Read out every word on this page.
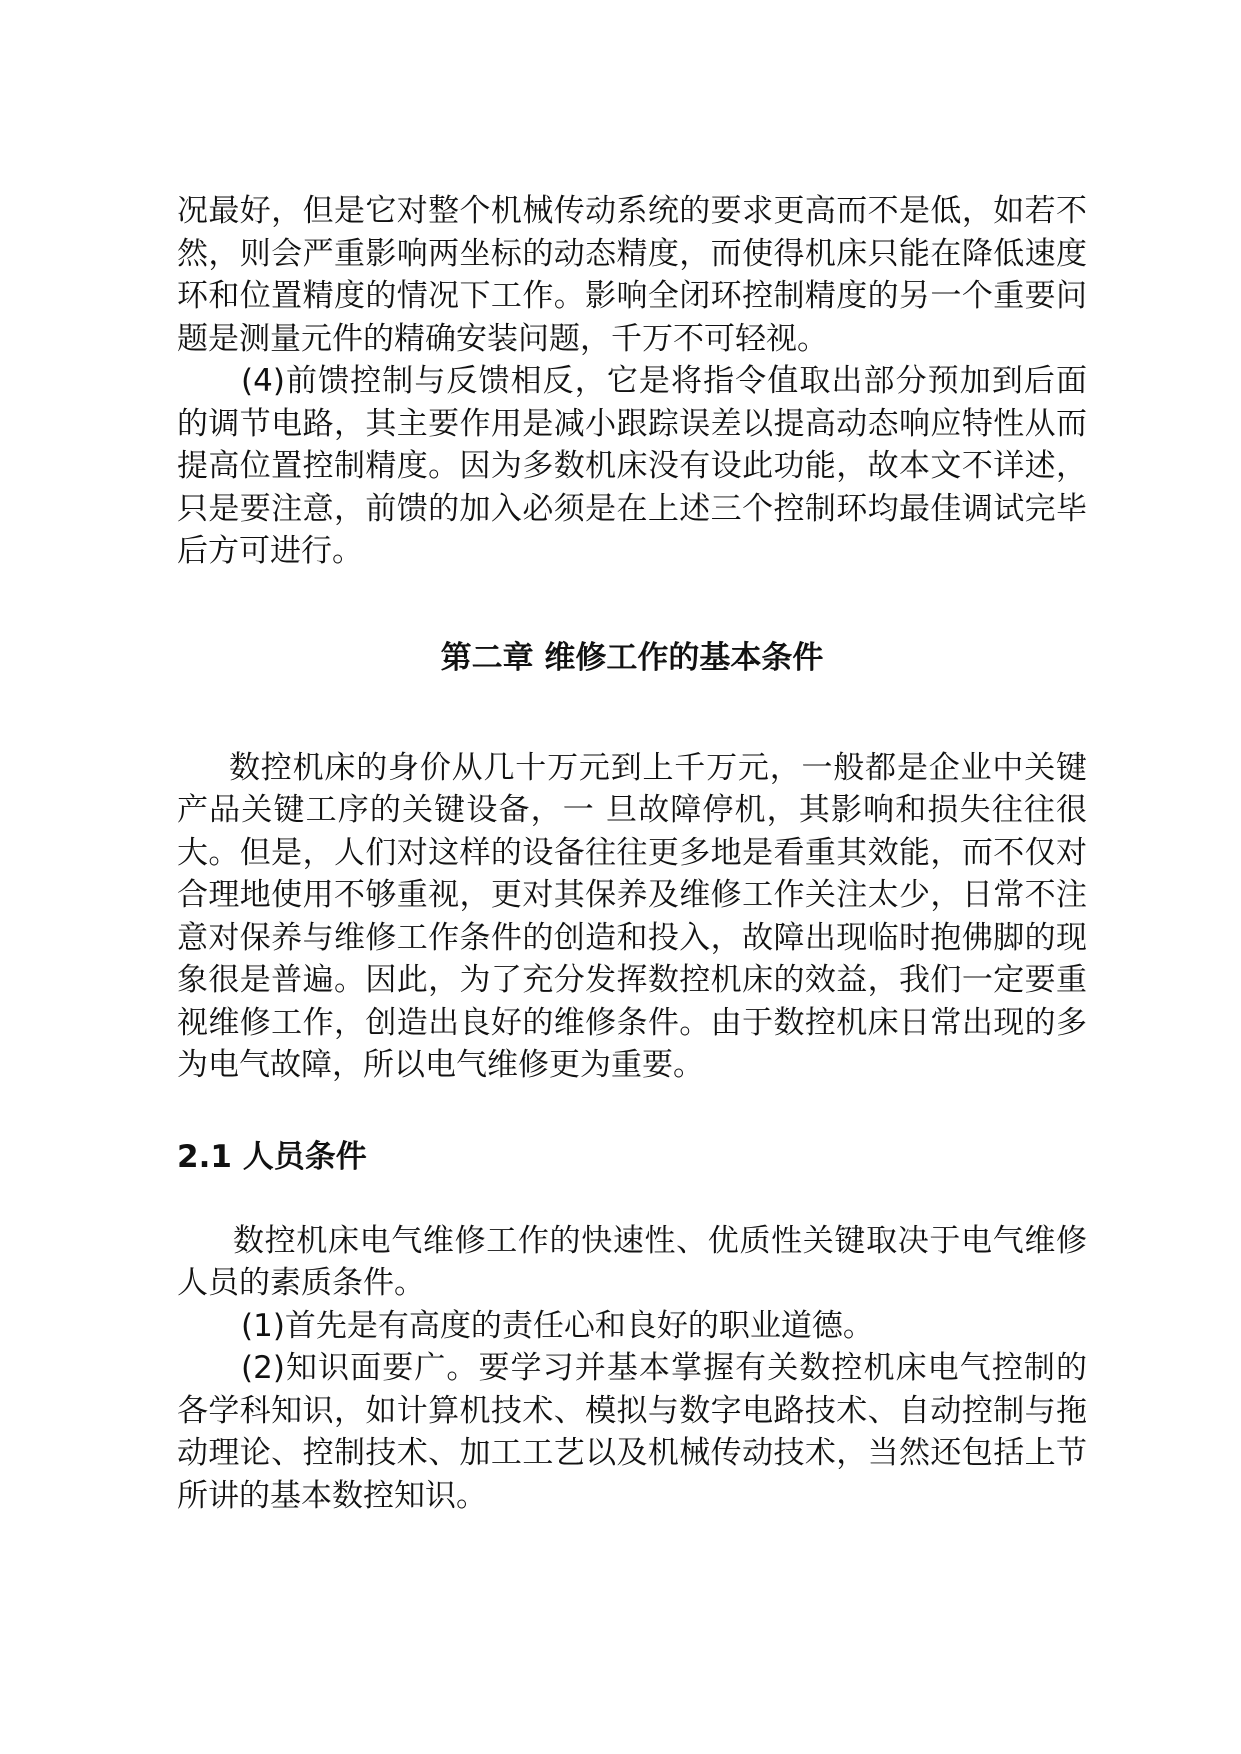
况最好，但是它对整个机械传动系统的要求更高而不是低，如若不然，则会严重影响两坐标的动态精度，而使得机床只能在降低速度环和位置精度的情况下工作。影响全闭环控制精度的另一个重要问题是测量元件的精确安装问题，千万不可轻视。

(4)前馈控制与反馈相反，它是将指令值取出部分预加到后面的调节电路，其主要作用是减小跟踪误差以提高动态响应特性从而提高位置控制精度。因为多数机床没有设此功能，故本文不详述，只是要注意，前馈的加入必须是在上述三个控制环均最佳调试完毕后方可进行。

第二章 维修工作的基本条件

数控机床的身价从几十万元到上千万元，一般都是企业中关键产品关键工序的关键设备，一 旦故障停机，其影响和损失往往很大。但是，人们对这样的设备往往更多地是看重其效能，而不仅对合理地使用不够重视，更对其保养及维修工作关注太少，日常不注意对保养与维修工作条件的创造和投入，故障出现临时抱佛脚的现象很是普遍。因此，为了充分发挥数控机床的效益，我们一定要重视维修工作，创造出良好的维修条件。由于数控机床日常出现的多为电气故障，所以电气维修更为重要。

2.1 人员条件

数控机床电气维修工作的快速性、优质性关键取决于电气维修人员的素质条件。

(1)首先是有高度的责任心和良好的职业道德。

(2)知识面要广。要学习并基本掌握有关数控机床电气控制的各学科知识，如计算机技术、模拟与数字电路技术、自动控制与拖动理论、控制技术、加工工艺以及机械传动技术，当然还包括上节所讲的基本数控知识。
